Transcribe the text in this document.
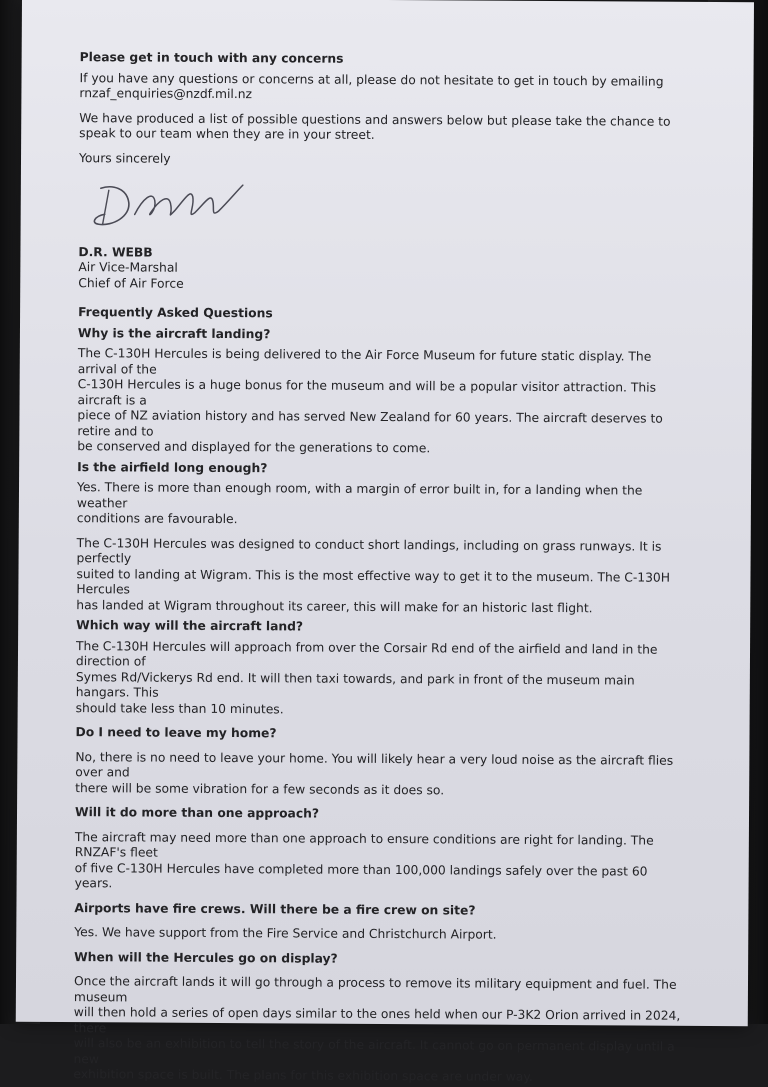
Please get in touch with any concerns

If you have any questions or concerns at all, please do not hesitate to get in touch by emailing

rnzaf_enquiries@nzdf.mil.nz

We have produced a list of possible questions and answers below but please take the chance to

speak to our team when they are in your street.

Yours sincerely

D.R. WEBB

Air Vice-Marshal

Chief of Air Force

Frequently Asked Questions

Why is the aircraft landing?

The C-130H Hercules is being delivered to the Air Force Museum for future static display. The arrival of the

C-130H Hercules is a huge bonus for the museum and will be a popular visitor attraction. This aircraft is a

piece of NZ aviation history and has served New Zealand for 60 years. The aircraft deserves to retire and to

be conserved and displayed for the generations to come.

Is the airfield long enough?

Yes. There is more than enough room, with a margin of error built in, for a landing when the weather

conditions are favourable.

The C-130H Hercules was designed to conduct short landings, including on grass runways. It is perfectly

suited to landing at Wigram. This is the most effective way to get it to the museum. The C-130H Hercules

has landed at Wigram throughout its career, this will make for an historic last flight.

Which way will the aircraft land?

The C-130H Hercules will approach from over the Corsair Rd end of the airfield and land in the direction of

Symes Rd/Vickerys Rd end. It will then taxi towards, and park in front of the museum main hangars. This

should take less than 10 minutes.

Do I need to leave my home?

No, there is no need to leave your home. You will likely hear a very loud noise as the aircraft flies over and

there will be some vibration for a few seconds as it does so.

Will it do more than one approach?

The aircraft may need more than one approach to ensure conditions are right for landing. The RNZAF's fleet

of five C-130H Hercules have completed more than 100,000 landings safely over the past 60 years.

Airports have fire crews. Will there be a fire crew on site?

Yes. We have support from the Fire Service and Christchurch Airport.

When will the Hercules go on display?

Once the aircraft lands it will go through a process to remove its military equipment and fuel. The museum

will then hold a series of open days similar to the ones held when our P-3K2 Orion arrived in 2024, there

will also be an exhibition to tell the story of the aircraft. It cannot go on permanent display until a new

exhibition space is built. The plans for this exhibition space are under way.
